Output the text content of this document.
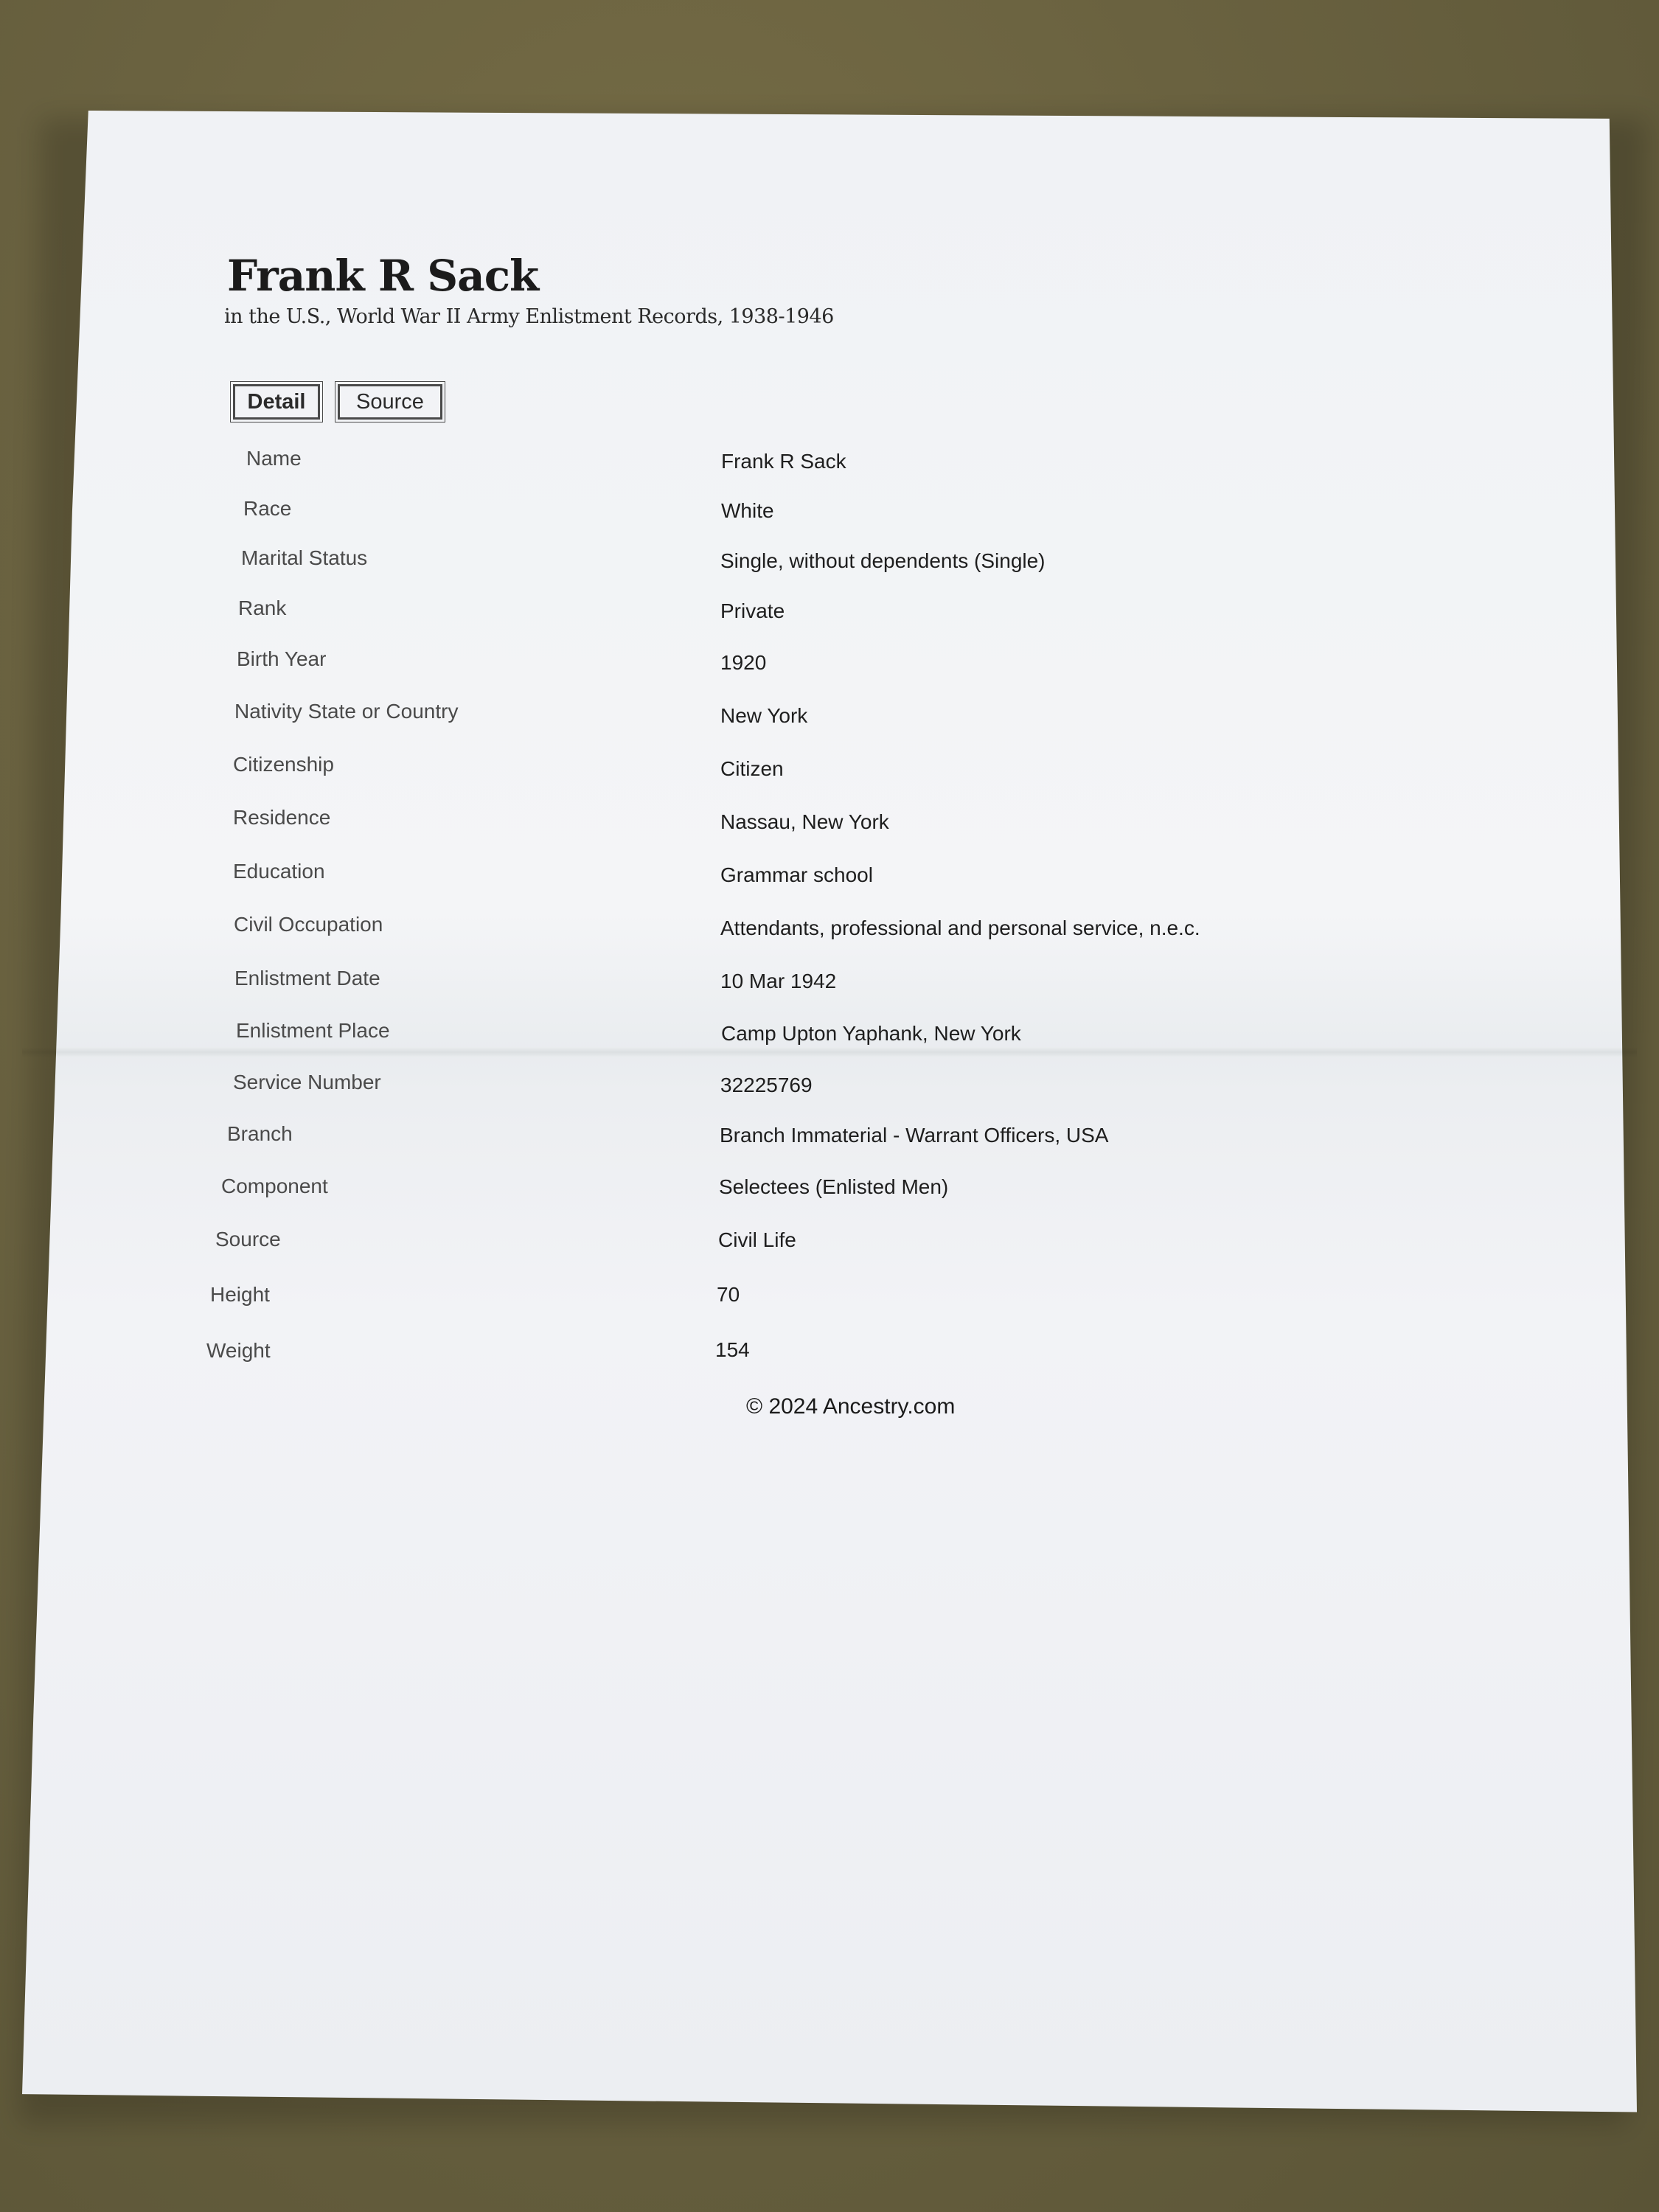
Frank R Sack
in the U.S., World War II Army Enlistment Records, 1938-1946
Detail	Source
Name	Frank R Sack
Race	White
Marital Status	Single, without dependents (Single)
Rank	Private
Birth Year	1920
Nativity State or Country	New York
Citizenship	Citizen
Residence	Nassau, New York
Education	Grammar school
Civil Occupation	Attendants, professional and personal service, n.e.c.
Enlistment Date	10 Mar 1942
Enlistment Place	Camp Upton Yaphank, New York
Service Number	32225769
Branch	Branch Immaterial - Warrant Officers, USA
Component	Selectees (Enlisted Men)
Source	Civil Life
Height	70
Weight	154
© 2024 Ancestry.com
